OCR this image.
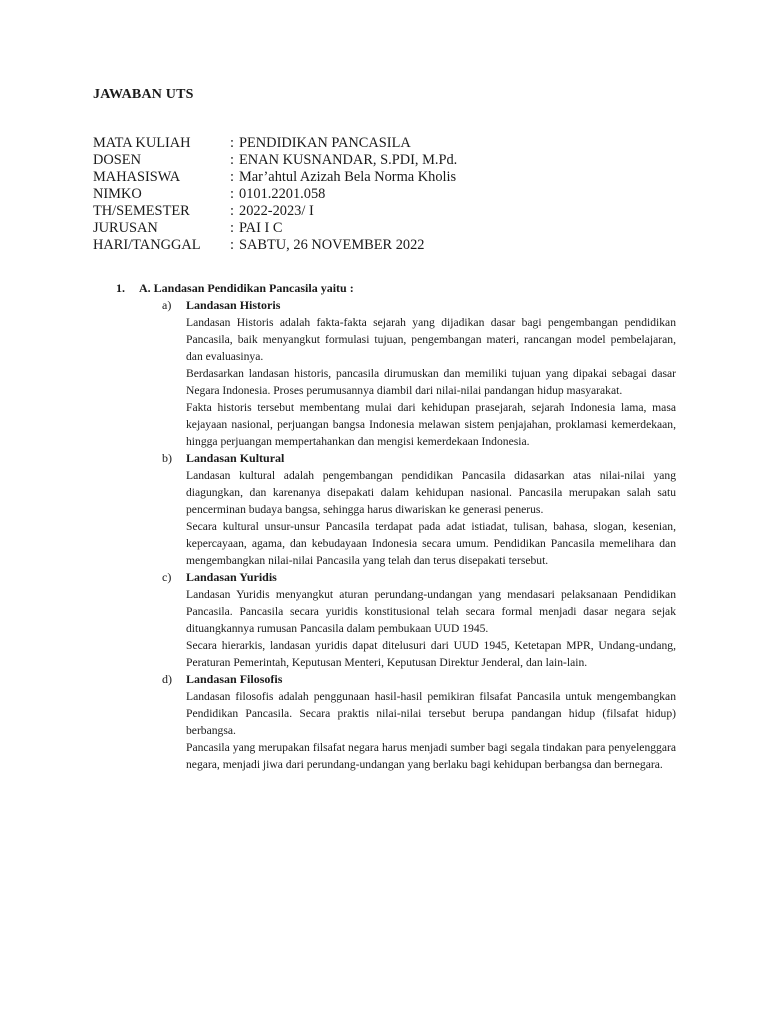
JAWABAN UTS
MATA KULIAH	: PENDIDIKAN PANCASILA
DOSEN	: ENAN KUSNANDAR, S.PDI, M.Pd.
MAHASISWA	: Mar’ahtul Azizah Bela Norma Kholis
NIMKO	: 0101.2201.058
TH/SEMESTER	: 2022-2023/ I
JURUSAN	: PAI I C
HARI/TANGGAL	: SABTU, 26 NOVEMBER 2022
1.	A. Landasan Pendidikan Pancasila yaitu :
a) Landasan Historis

Landasan Historis adalah fakta-fakta sejarah yang dijadikan dasar bagi pengembangan pendidikan Pancasila, baik menyangkut formulasi tujuan, pengembangan materi, rancangan model pembelajaran, dan evaluasinya.

Berdasarkan landasan historis, pancasila dirumuskan dan memiliki tujuan yang dipakai sebagai dasar Negara Indonesia. Proses perumusannya diambil dari nilai-nilai pandangan hidup masyarakat.

Fakta historis tersebut membentang mulai dari kehidupan prasejarah, sejarah Indonesia lama, masa kejayaan nasional, perjuangan bangsa Indonesia melawan sistem penjajahan, proklamasi kemerdekaan, hingga perjuangan mempertahankan dan mengisi kemerdekaan Indonesia.

b) Landasan Kultural

Landasan kultural adalah pengembangan pendidikan Pancasila didasarkan atas nilai-nilai yang diagungkan, dan karenanya disepakati dalam kehidupan nasional. Pancasila merupakan salah satu pencerminan budaya bangsa, sehingga harus diwariskan ke generasi penerus.

Secara kultural unsur-unsur Pancasila terdapat pada adat istiadat, tulisan, bahasa, slogan, kesenian, kepercayaan, agama, dan kebudayaan Indonesia secara umum. Pendidikan Pancasila memelihara dan mengembangkan nilai-nilai Pancasila yang telah dan terus disepakati tersebut.

c) Landasan Yuridis

Landasan Yuridis menyangkut aturan perundang-undangan yang mendasari pelaksanaan Pendidikan Pancasila. Pancasila secara yuridis konstitusional telah secara formal menjadi dasar negara sejak dituangkannya rumusan Pancasila dalam pembukaan UUD 1945.

Secara hierarkis, landasan yuridis dapat ditelusuri dari UUD 1945, Ketetapan MPR, Undang-undang, Peraturan Pemerintah, Keputusan Menteri, Keputusan Direktur Jenderal, dan lain-lain.

d) Landasan Filosofis

Landasan filosofis adalah penggunaan hasil-hasil pemikiran filsafat Pancasila untuk mengembangkan Pendidikan Pancasila. Secara praktis nilai-nilai tersebut berupa pandangan hidup (filsafat hidup) berbangsa.

Pancasila yang merupakan filsafat negara harus menjadi sumber bagi segala tindakan para penyelenggara negara, menjadi jiwa dari perundang-undangan yang berlaku bagi kehidupan berbangsa dan bernegara.
